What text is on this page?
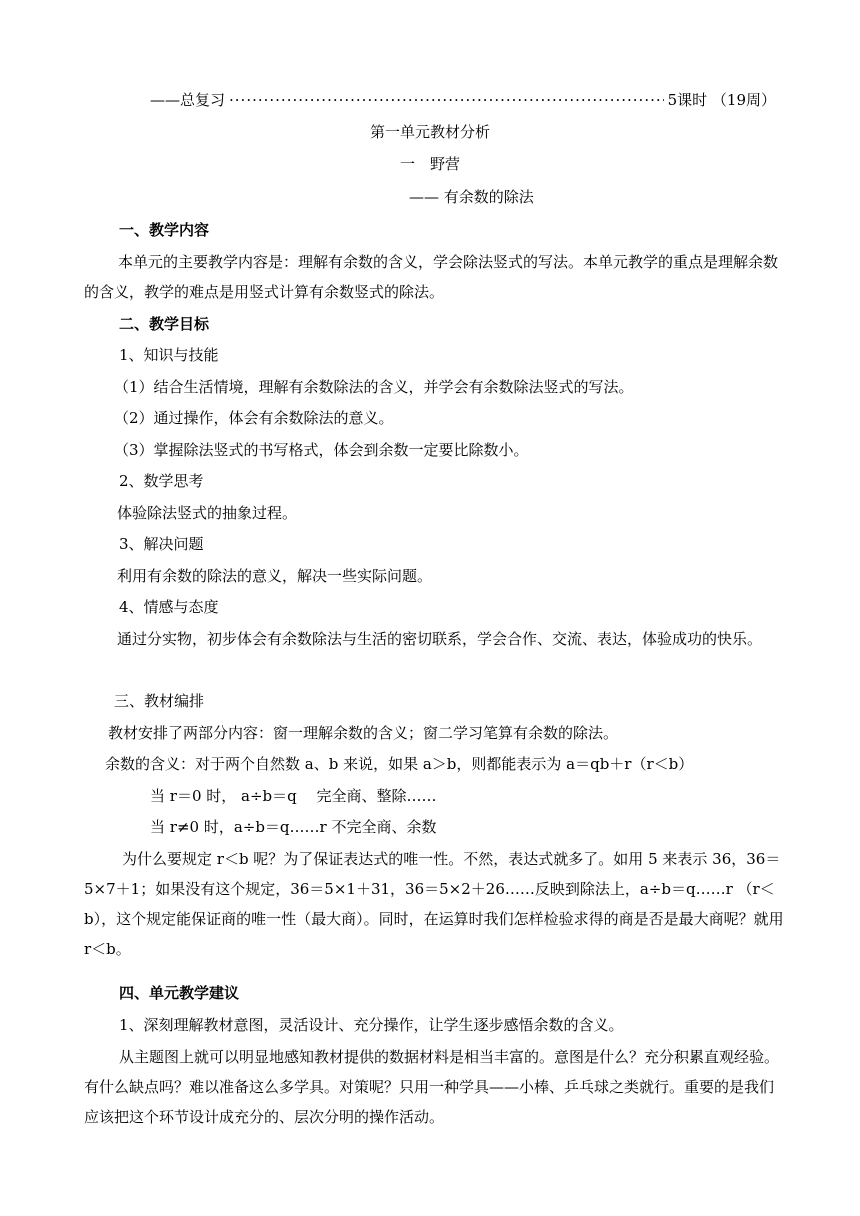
——总复习
·····	5课时 （19周）
第一单元教材分析
一　野营
—— 有余数的除法
一、教学内容
本单元的主要教学内容是：理解有余数的含义，学会除法竖式的写法。本单元教学的重点是理解余数的含义，教学的难点是用竖式计算有余数竖式的除法。
二、教学目标
1、知识与技能
（1）结合生活情境，理解有余数除法的含义，并学会有余数除法竖式的写法。
（2）通过操作，体会有余数除法的意义。
（3）掌握除法竖式的书写格式，体会到余数一定要比除数小。
2、数学思考
体验除法竖式的抽象过程。
3、解决问题
利用有余数的除法的意义，解决一些实际问题。
4、情感与态度
通过分实物，初步体会有余数除法与生活的密切联系，学会合作、交流、表达，体验成功的快乐。
三、教材编排
教材安排了两部分内容：窗一理解余数的含义；窗二学习笔算有余数的除法。
余数的含义：对于两个自然数 a、b 来说，如果 a＞b，则都能表示为 a＝qb＋r（r＜b）
当 r＝0 时， a÷b＝q　 完全商、整除……
当 r≠0 时，a÷b＝q……r 不完全商、余数
为什么要规定 r＜b 呢？为了保证表达式的唯一性。不然，表达式就多了。如用 5 来表示 36，36＝5×7＋1；如果没有这个规定，36＝5×1＋31，36＝5×2＋26……反映到除法上，a÷b＝q……r （r＜b），这个规定能保证商的唯一性（最大商）。同时，在运算时我们怎样检验求得的商是否是最大商呢？就用 r＜b。
四、单元教学建议
1、深刻理解教材意图，灵活设计、充分操作，让学生逐步感悟余数的含义。
从主题图上就可以明显地感知教材提供的数据材料是相当丰富的。意图是什么？充分积累直观经验。有什么缺点吗？难以准备这么多学具。对策呢？只用一种学具——小棒、乒乓球之类就行。重要的是我们应该把这个环节设计成充分的、层次分明的操作活动。
